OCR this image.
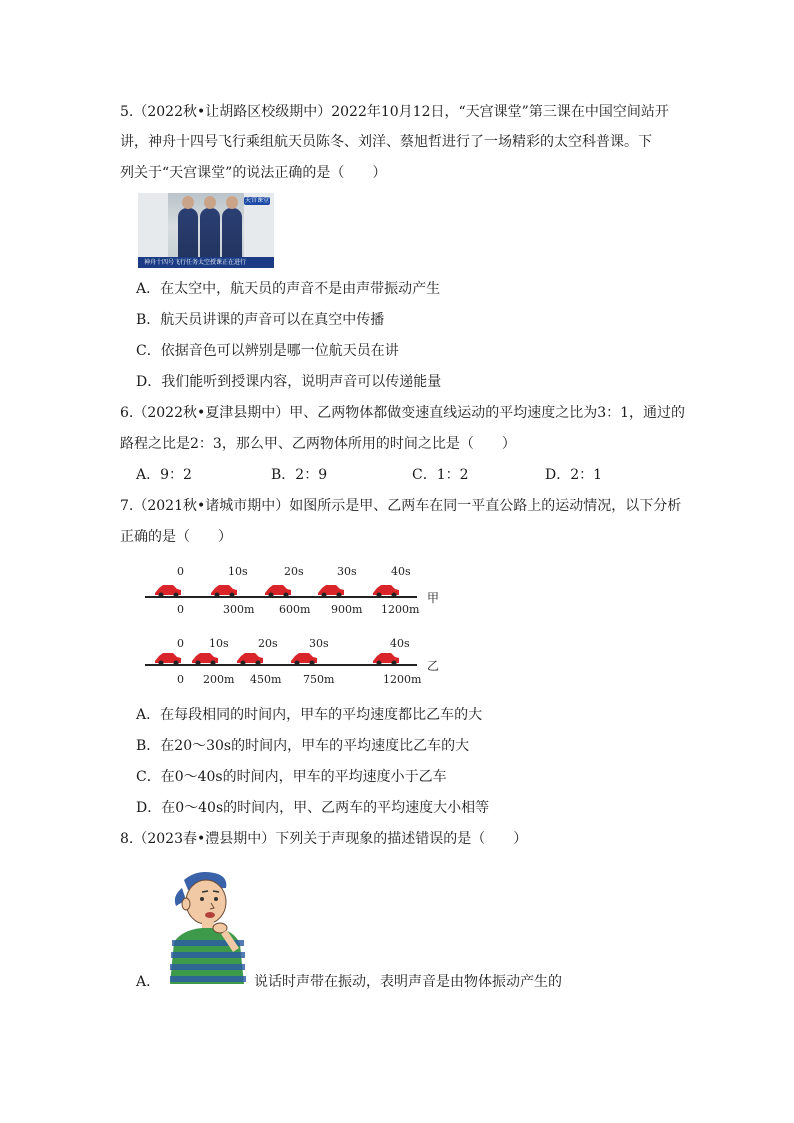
5.（2022秋•让胡路区校级期中）2022年10月12日，“天宫课堂”第三课在中国空间站开
讲，神舟十四号飞行乘组航天员陈冬、刘洋、蔡旭哲进行了一场精彩的太空科普课。下
列关于“天宫课堂”的说法正确的是（　　）
天宫课堂
神舟十四号飞行任务太空授课正在进行
A．在太空中，航天员的声音不是由声带振动产生
B．航天员讲课的声音可以在真空中传播
C．依据音色可以辨别是哪一位航天员在讲
D．我们能听到授课内容，说明声音可以传递能量
6.（2022秋•夏津县期中）甲、乙两物体都做变速直线运动的平均速度之比为3：1，通过的
路程之比是2：3，那么甲、乙两物体所用的时间之比是（　　）
A．9：2	B．2：9	C．1：2	D．2：1
7.（2021秋•诸城市期中）如图所示是甲、乙两车在同一平直公路上的运动情况，以下分析
正确的是（　　）
0	10s	20s	30s	40s
0	300m 600m 900m 1200m
甲
0 10s	20s	30s	40s
0 200m 450m 750m	1200m
乙
A．在每段相同的时间内，甲车的平均速度都比乙车的大
B．在20～30s的时间内，甲车的平均速度比乙车的大
C．在0～40s的时间内，甲车的平均速度小于乙车
D．在0～40s的时间内，甲、乙两车的平均速度大小相等
8.（2023春•澧县期中）下列关于声现象的描述错误的是（　　）
A．	说话时声带在振动，表明声音是由物体振动产生的
